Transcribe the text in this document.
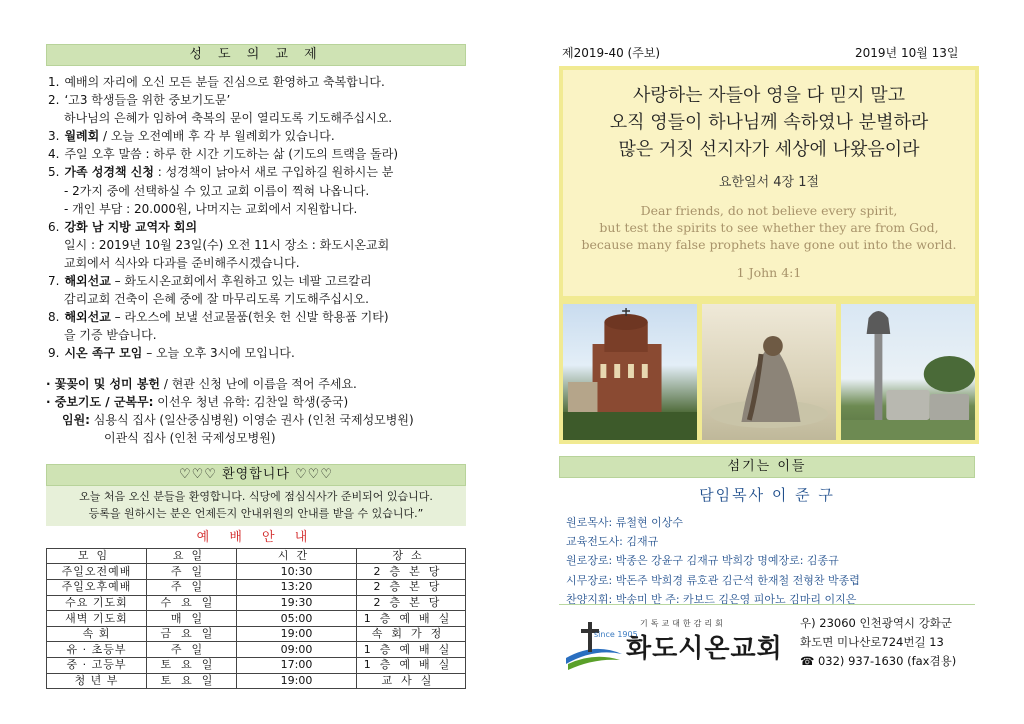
성 도 의 교 제
1. 예배의 자리에 오신 모든 분들 진심으로 환영하고 축복합니다.
2. ‘고3 학생들을 위한 중보기도문’
하나님의 은혜가 임하여 축복의 문이 열리도록 기도해주십시오.
3. 월례회 / 오늘 오전예배 후 각 부 월례회가 있습니다.
4. 주일 오후 말씀 : 하루 한 시간 기도하는 삶 (기도의 트랙을 돌라)
5. 가족 성경책 신청 : 성경책이 낡아서 새로 구입하길 원하시는 분
- 2가지 중에 선택하실 수 있고 교회 이름이 찍혀 나옵니다.
- 개인 부담 : 20.000원, 나머지는 교회에서 지원합니다.
6. 강화 남 지방 교역자 회의
일시 : 2019년 10월 23일(수) 오전 11시 장소 : 화도시온교회
교회에서 식사와 다과를 준비해주시겠습니다.
7. 해외선교 – 화도시온교회에서 후원하고 있는 네팔 고르칼리
감리교회 건축이 은혜 중에 잘 마무리도록 기도해주십시오.
8. 해외선교 – 라오스에 보낼 선교물품(헌옷 헌 신발 학용품 기타)
을 기증 받습니다.
9. 시온 족구 모임 – 오늘 오후 3시에 모입니다.
· 꽃꽂이 및 성미 봉헌 / 현관 신청 난에 이름을 적어 주세요.
· 중보기도 / 군복무: 이선우 청년 유학: 김찬일 학생(중국)
임원: 심용식 집사 (일산중심병원) 이영순 권사 (인천 국제성모병원)
이관식 집사 (인천 국제성모병원)
♡♡♡ 환영합니다 ♡♡♡
오늘 처음 오신 분들을 환영합니다. 식당에 점심식사가 준비되어 있습니다.
등록을 원하시는 분은 언제든지 안내위원의 안내를 받을 수 있습니다.”
예 배 안 내
모임	요일	시간	장소
주일오전예배	주일	10:30	2층본당
주일오후예배	주일	13:20	2층본당
수요 기도회	수요일	19:30	2층본당
새벽 기도회	매일	05:00	1층예배실
속 회	금요일	19:00	속회가정
유 · 초등부	주일	09:00	1층예배실
중 · 고등부	토요일	17:00	1층예배실
청 년 부	토요일	19:00	교사실
제2019-40 (주보)	2019년 10월 13일
사랑하는 자들아 영을 다 믿지 말고
오직 영들이 하나님께 속하였나 분별하라
많은 거짓 선지자가 세상에 나왔음이라
요한일서 4장 1절
Dear friends, do not believe every spirit,
but test the spirits to see whether they are from God,
because many false prophets have gone out into the world.
1 John 4:1
섬기는 이들
담임목사 이 준 구
원로목사: 류철현 이상수
교육전도사: 김재규
원로장로: 박종은 강윤구 김재규 박희강 명예장로: 김종규
시무장로: 박돈주 박희경 류호관 김근석 한재철 전형찬 박종렵
찬양지휘: 박송미 반 주: 카보드 김은영 피아노 김마리 이지은
since 1905
기독교대한감리회
화도시온교회
우) 23060 인천광역시 강화군
화도면 미나산로724번길 13
☎ 032) 937-1630 (fax겸용)
